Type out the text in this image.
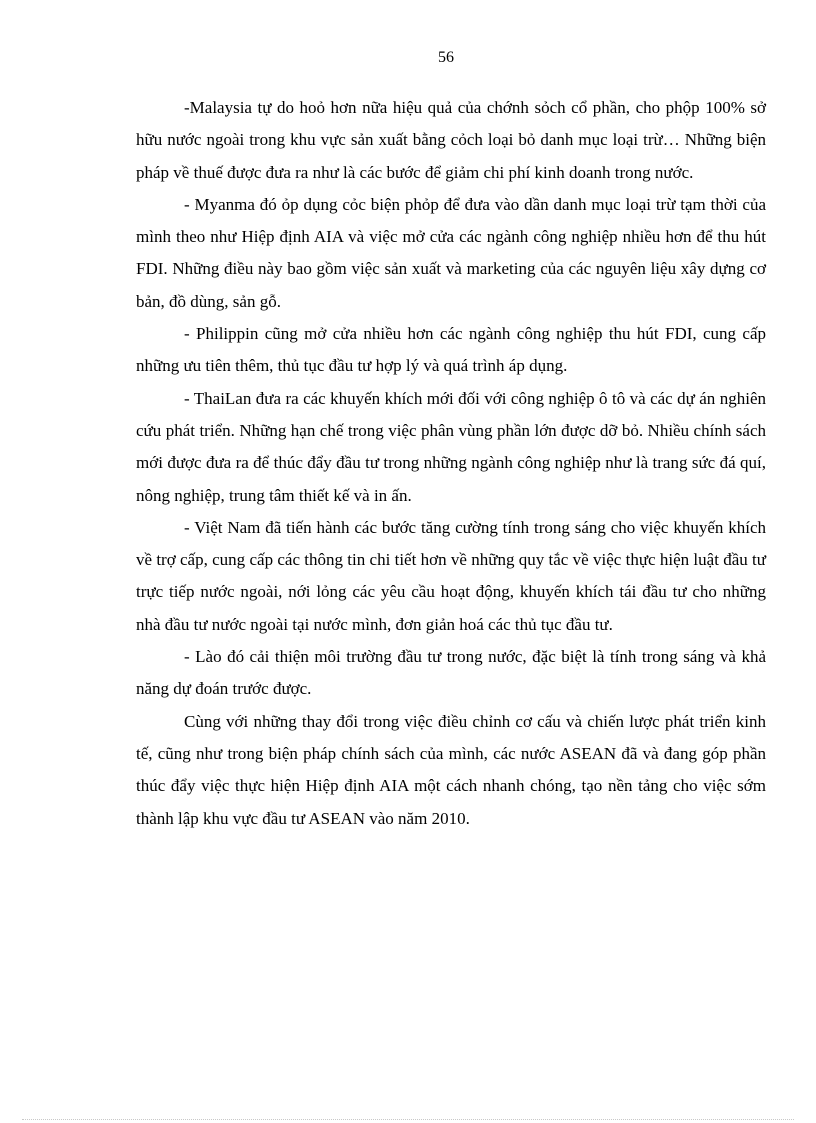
56

-Malaysia tự do hoỏ hơn nữa hiệu quả của chớnh sỏch cổ phần, cho phộp 100% sở hữu nước ngoài trong khu vực sản xuất bằng cỏch loại bỏ danh mục loại trừ… Những biện pháp về thuế được đưa ra như là các bước để giảm chi phí kinh doanh trong nước.

- Myanma đó ỏp dụng cỏc biện phỏp để đưa vào dần danh mục loại trừ tạm thời của mình theo như Hiệp định AIA và việc mở cửa các ngành công nghiệp nhiều hơn để thu hút FDI. Những điều này bao gồm việc sản xuất và marketing của các nguyên liệu xây dựng cơ bản, đồ dùng, sản gỗ.

- Philippin cũng mở cửa nhiều hơn các ngành công nghiệp thu hút FDI, cung cấp những ưu tiên thêm, thủ tục đầu tư hợp lý và quá trình áp dụng.

- ThaiLan đưa ra các khuyến khích mới đối với công nghiệp ô tô và các dự án nghiên cứu phát triển. Những hạn chế trong việc phân vùng phần lớn được dỡ bỏ. Nhiều chính sách mới được đưa ra để thúc đẩy đầu tư trong những ngành công nghiệp như là trang sức đá quí, nông nghiệp, trung tâm thiết kế và in ấn.

- Việt Nam đã tiến hành các bước tăng cường tính trong sáng cho việc khuyến khích về trợ cấp, cung cấp các thông tin chi tiết hơn về những quy tắc về việc thực hiện luật đầu tư trực tiếp nước ngoài, nới lỏng các yêu cầu hoạt động, khuyến khích tái đầu tư cho những nhà đầu tư nước ngoài tại nước mình, đơn giản hoá các thủ tục đầu tư.

- Lào đó cải thiện môi trường đầu tư trong nước, đặc biệt là tính trong sáng và khả năng dự đoán trước được.

Cùng với những thay đổi trong việc điều chỉnh cơ cấu và chiến lược phát triển kinh tế, cũng như trong biện pháp chính sách của mình, các nước ASEAN đã và đang góp phần thúc đẩy việc thực hiện Hiệp định AIA một cách nhanh chóng, tạo nền tảng cho việc sớm thành lập khu vực đầu tư ASEAN vào năm 2010.
